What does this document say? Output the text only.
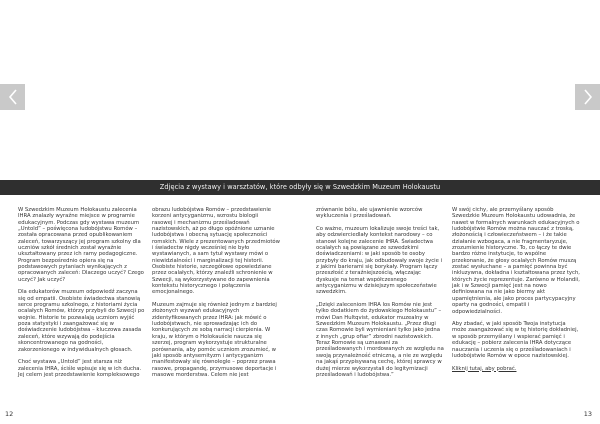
Zdjęcia z wystawy i warsztatów, które odbyły się w Szwedzkim Muzeum Holokaustu

W Szwedzkim Muzeum Holokaustu zalecenia IHRA znalazły wyraźne miejsce w programie edukacyjnym. Podczas gdy wystawa muzeum „Untold” – poświęcona ludobójstwu Romów – została opracowana przed opublikowaniem zaleceń, towarzyszący jej program szkolny dla uczniów szkół średnich został wyraźnie ukształtowany przez ich ramy pedagogiczne. Program bezpośrednio opiera się na podstawowych pytaniach wynikających z opracowanych zaleceń: Dlaczego uczyć? Czego uczyć? Jak uczyć?

Dla edukatorów muzeum odpowiedź zaczyna się od empatii. Osobiste świadectwa stanowią serce programu szkolnego, z historiami życia ocalałych Romów, którzy przybyli do Szwecji po wojnie. Historie te pozwalają uczniom wyjść poza statystyki i zaangażować się w doświadczenie ludobójstwa – kluczowa zasada zaleceń, które wzywają do podejścia skoncentrowanego na godności, zakorzenionego w indywidualnych głosach.

Choć wystawa „Untold” jest starsza niż zalecenia IHRA, ściśle wpisuje się w ich ducha. Jej celem jest przedstawienie kompleksowego

obrazu ludobójstwa Romów – przedstawienie korzeni antycyganizmu, wzrostu biologii rasowej i mechanizmu prześladowań nazistowskich, aż po długo opóźnione uznanie ludobójstwa i obecną sytuację społeczności romskich. Wiele z prezentowanych przedmiotów i świadectw nigdy wcześniej nie było wystawianych, a sam tytuł wystawy mówi o niewidzialności i marginalizacji tej historii. Osobiste historie, szczegółowe opowiedziane przez ocalałych, którzy znaleźli schronienie w Szwecji, są wykorzystywane do zapewnienia kontekstu historycznego i połączenia emocjonalnego.

Muzeum zajmuje się również jednym z bardziej złożonych wyzwań edukacyjnych zidentyfikowanych przez IHRA: jak mówić o ludobójstwach, nie sprowadzając ich do konkurujących ze sobą narracji cierpienia. W kraju, w którym o Holokauście naucza się szerzej, program wykorzystuje strukturalne porównania, aby pomóc uczniom zrozumieć, w jaki sposób antysemityzm i antycyganizm manifestowały się równolegle – poprzez prawa rasowe, propagandę, przymusowe deportacje i masowe morderstwa. Celem nie jest

zrównanie bólu, ale ujawnienie wzorców wykluczenia i prześladowań.

Co ważne, muzeum lokalizuje swoje treści tak, aby odzwierciedlały kontekst narodowy – co stanowi kolejne zalecenie IHRA. Świadectwa ocalałych są powiązane ze szwedzkimi doświadczeniami: w jaki sposób te osoby przybyły do kraju, jak odbudowały swoje życie i z jakimi barierami się borykały. Program łączy przeszłość z teraźniejszością, włączając dyskusje na temat współczesnego antycyganizmu w dzisiejszym społeczeństwie szwedzkim.

„Dzięki zaleceniom IHRA los Romów nie jest tylko dodatkiem do żydowskiego Holokaustu” – mówi Dan Hultqvist, edukator muzealny w Szwedzkim Muzeum Holokaustu. „Przez długi czas Romowie byli wymieniani tylko jako jedna z innych „grup ofiar” zbrodni nazistowskich. Teraz Romowie są uznawani za prześladowanych i mordowanych ze względu na swoją przynależność etniczną, a nie ze względu na jakąś przypisywaną cechę, której sprawcy w dużej mierze wykorzystali do legitymizacji prześladowań i ludobójstwa.”

W swój cichy, ale przemyślany sposób Szwedzkie Muzeum Holokaustu udowadnia, że nawet w formalnych warunkach edukacyjnych o ludobójstwie Romów można nauczać z troską, złożonością i człowieczeństwem – i że takie działanie wzbogaca, a nie fragmentaryzuje, zrozumienie historyczne. To, co łączy te dwie bardzo różne instytucje, to wspólne przekonanie, że głosy ocalałych Romów muszą zostać wysłuchane – a pamięć powinna być inkluzywna, dokładna i kształtowana przez tych, których życie reprezentuje. Zarówno w Holandii, jak i w Szwecji pamięć jest na nowo definiowana na nie jako biermy akt upamiętnienia, ale jako proces partycypacyjny oparty na godności, empatii i odpowiedzialności.

Aby zbadać, w jaki sposób Twoja instytucja może zaangażować się w tę historię dokładniej, w sposób przemyślany i wspierać pamięć i edukację – pobierz zalecenia IHRA dotyczące nauczania i uczenia się o prześladowaniach i ludobójstwie Romów w epoce nazistowskiej.

Kliknij tutaj, aby pobrać.

12	13
